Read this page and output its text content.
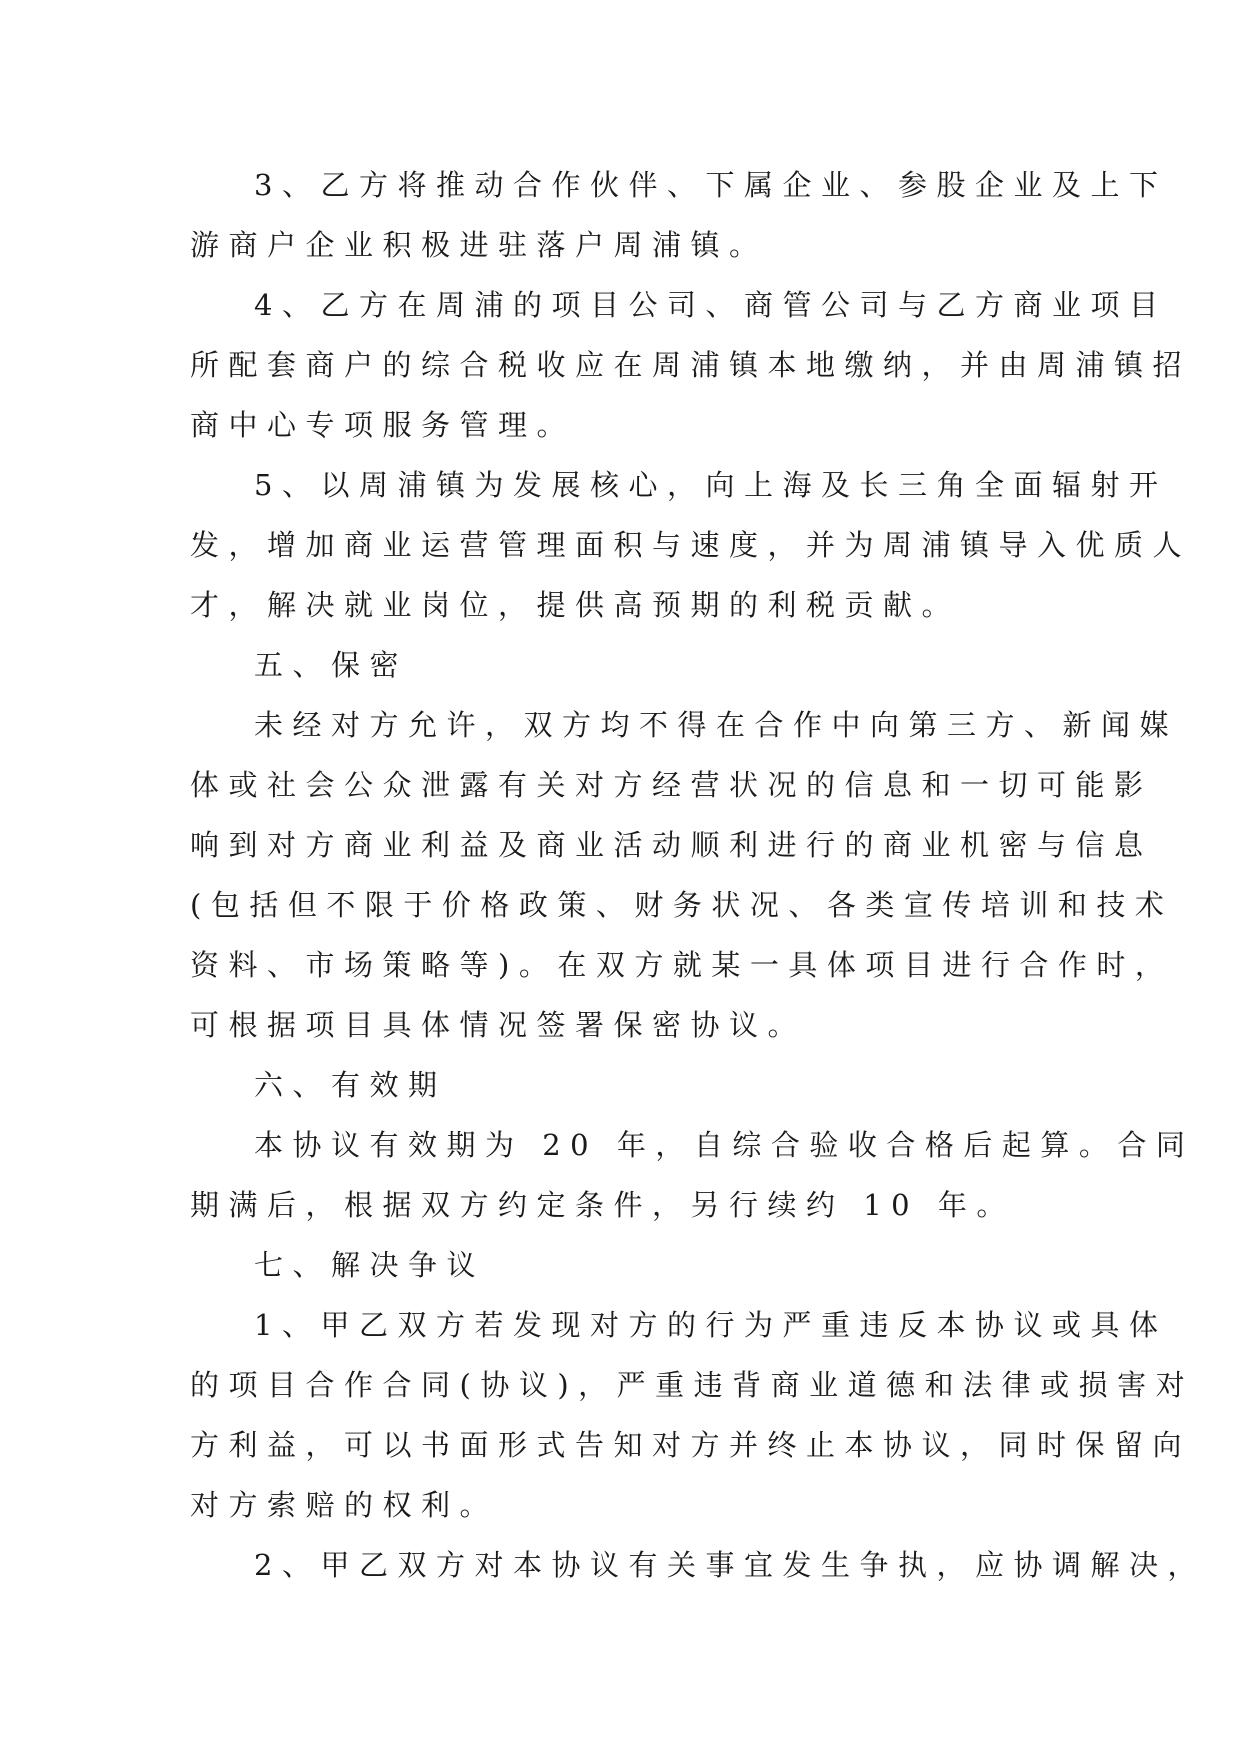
3、乙方将推动合作伙伴、下属企业、参股企业及上下
游商户企业积极进驻落户周浦镇。
4、乙方在周浦的项目公司、商管公司与乙方商业项目
所配套商户的综合税收应在周浦镇本地缴纳，并由周浦镇招
商中心专项服务管理。
5、以周浦镇为发展核心，向上海及长三角全面辐射开
发，增加商业运营管理面积与速度，并为周浦镇导入优质人
才，解决就业岗位，提供高预期的利税贡献。
五、保密
未经对方允许，双方均不得在合作中向第三方、新闻媒
体或社会公众泄露有关对方经营状况的信息和一切可能影
响到对方商业利益及商业活动顺利进行的商业机密与信息
(包括但不限于价格政策、财务状况、各类宣传培训和技术
资料、市场策略等)。在双方就某一具体项目进行合作时，
可根据项目具体情况签署保密协议。
六、有效期
本协议有效期为 20 年，自综合验收合格后起算。合同
期满后，根据双方约定条件，另行续约 10 年。
七、解决争议
1、甲乙双方若发现对方的行为严重违反本协议或具体
的项目合作合同(协议)，严重违背商业道德和法律或损害对
方利益，可以书面形式告知对方并终止本协议，同时保留向
对方索赔的权利。
2、甲乙双方对本协议有关事宜发生争执，应协调解决，
